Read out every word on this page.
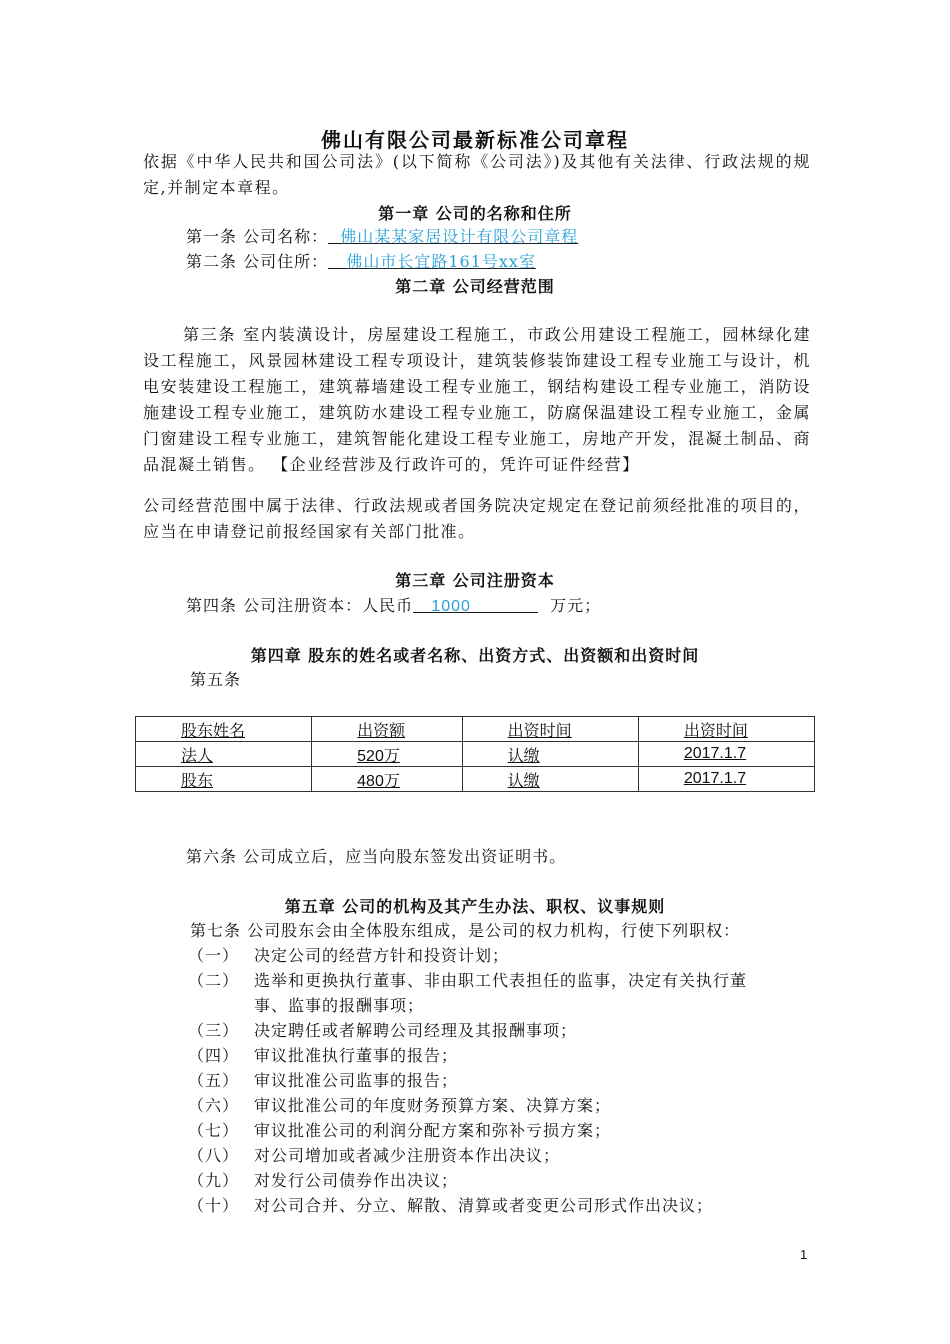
佛山有限公司最新标准公司章程
依据《中华人民共和国公司法》(以下简称《公司法》)及其他有关法律、行政法规的规定,并制定本章程。
第一章 公司的名称和住所
第一条 公司名称： 佛山某某家居设计有限公司章程
第二条 公司住所： 佛山市长宜路161号xx室
第二章 公司经营范围
第三条 室内装潢设计，房屋建设工程施工，市政公用建设工程施工，园林绿化建设工程施工，风景园林建设工程专项设计，建筑装修装饰建设工程专业施工与设计，机电安装建设工程施工，建筑幕墙建设工程专业施工，钢结构建设工程专业施工，消防设施建设工程专业施工，建筑防水建设工程专业施工，防腐保温建设工程专业施工，金属门窗建设工程专业施工，建筑智能化建设工程专业施工，房地产开发，混凝土制品、商品混凝土销售。 【企业经营涉及行政许可的，凭许可证件经营】
公司经营范围中属于法律、行政法规或者国务院决定规定在登记前须经批准的项目的，应当在申请登记前报经国家有关部门批准。
第三章 公司注册资本
第四条 公司注册资本：人民币 1000	万元；
第四章 股东的姓名或者名称、出资方式、出资额和出资时间
第五条
股东姓名	出资额	出资时间	出资时间
法人	520万	认缴	2017.1.7
股东	480万	认缴	2017.1.7
第六条 公司成立后，应当向股东签发出资证明书。
第五章 公司的机构及其产生办法、职权、议事规则
第七条 公司股东会由全体股东组成，是公司的权力机构，行使下列职权：
（一） 决定公司的经营方针和投资计划；
（二） 选举和更换执行董事、非由职工代表担任的监事，决定有关执行董
事、监事的报酬事项；
（三） 决定聘任或者解聘公司经理及其报酬事项；
（四） 审议批准执行董事的报告；
（五） 审议批准公司监事的报告；
（六） 审议批准公司的年度财务预算方案、决算方案；
（七） 审议批准公司的利润分配方案和弥补亏损方案；
（八） 对公司增加或者减少注册资本作出决议；
（九） 对发行公司债券作出决议；
（十） 对公司合并、分立、解散、清算或者变更公司形式作出决议；
1
